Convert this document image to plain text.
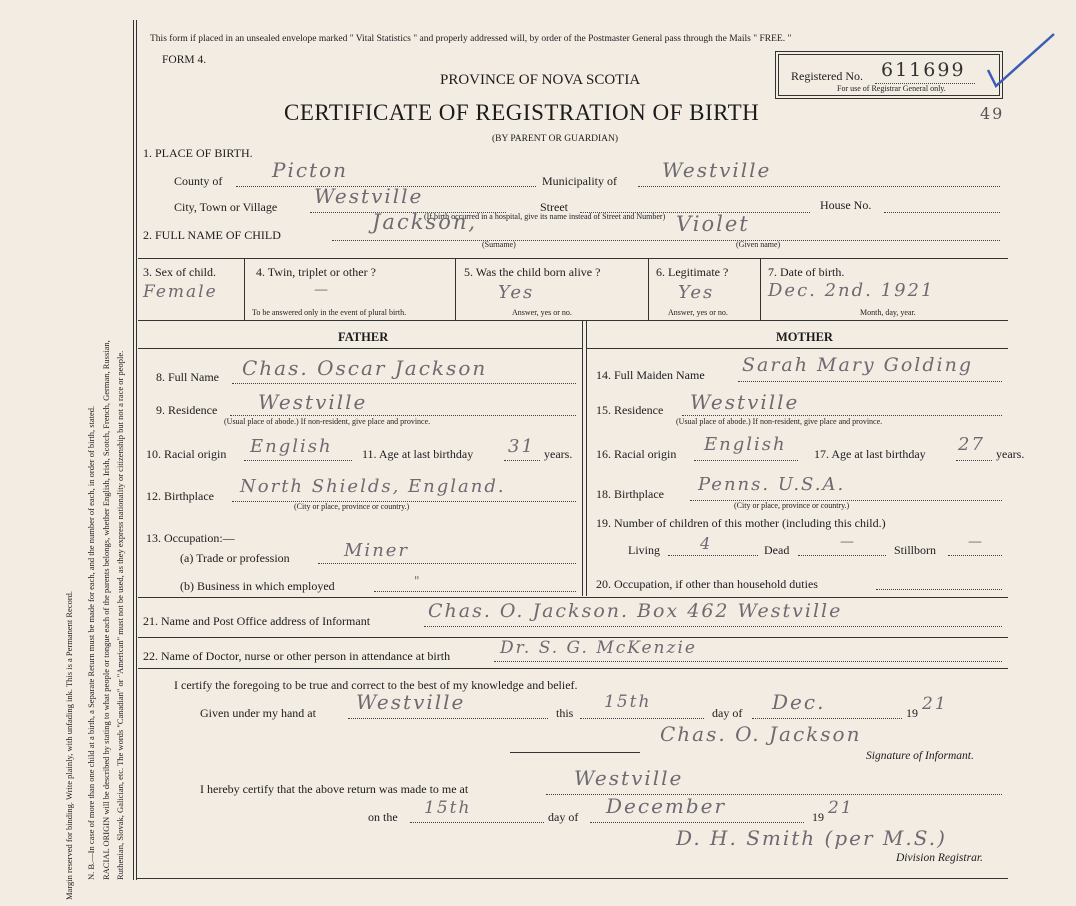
Margin reserved for binding. Write plainly, with unfading ink. This is a Permanent Record. N. B.—In case of more than one child at a birth, a Separate Return must be made for each, and the number of each, in order of birth, stated. RACIAL ORIGIN will be described by stating to what people or tongue each of the parents belongs, whether English, Irish, Scotch, French, German, Russian, Ruthenian, Slovak, Galician, etc. The words "Canadian" or "American" must not be used, as they express nationality or citizenship but not a race or people.
This form if placed in an unsealed envelope marked " Vital Statistics " and properly addressed will, by order of the Postmaster General pass through the Mails " FREE. "
FORM 4.
PROVINCE OF NOVA SCOTIA
CERTIFICATE OF REGISTRATION OF BIRTH
(BY PARENT OR GUARDIAN)
Registered No. 611699
For use of Registrar General only.
49
1. PLACE OF BIRTH.
County of Picton	Municipality of Westville
City, Town or Village Westville	Street	House No.
(If birth occurred in a hospital, give its name instead of Street and Number)
2. FULL NAME OF CHILD
Jackson,	Violet
(Surname)	(Given name)
3. Sex of child.
Female
4. Twin, triplet or other ?
—
To be answered only in the event of plural birth.
5. Was the child born alive ?
Yes
Answer, yes or no.
6. Legitimate ?
Yes
Answer, yes or no.
7. Date of birth.
Dec. 2nd. 1921
Month, day, year.
FATHER	MOTHER
8. Full Name Chas. Oscar Jackson
9. Residence Westville
(Usual place of abode.) If non-resident, give place and province.
10. Racial origin English 11. Age at last birthday 31 years.
12. Birthplace North Shields, England.
(City or place, province or country.)
13. Occupation:—
(a) Trade or profession	Miner
(b) Business in which employed	"
14. Full Maiden Name Sarah Mary Golding
15. Residence Westville
(Usual place of abode.) If non-resident, give place and province.
16. Racial origin English 17. Age at last birthday 27 years.
18. Birthplace Penns. U.S.A.
(City or place, province or country.)
19. Number of children of this mother (including this child.)
Living	4	Dead	—	Stillborn —
20. Occupation, if other than household duties
21. Name and Post Office address of Informant	Chas. O. Jackson. Box 462 Westville
22. Name of Doctor, nurse or other person in attendance at birth	Dr. S. G. McKenzie
I certify the foregoing to be true and correct to the best of my knowledge and belief.
Given under my hand at Westville	this
15th
day of Dec.	19 21
Chas. O. Jackson
Signature of Informant.
I hereby certify that the above return was made to me at	Westville
on the 15th	day of December	19 21
D. H. Smith (per M.S.)
Division Registrar.
